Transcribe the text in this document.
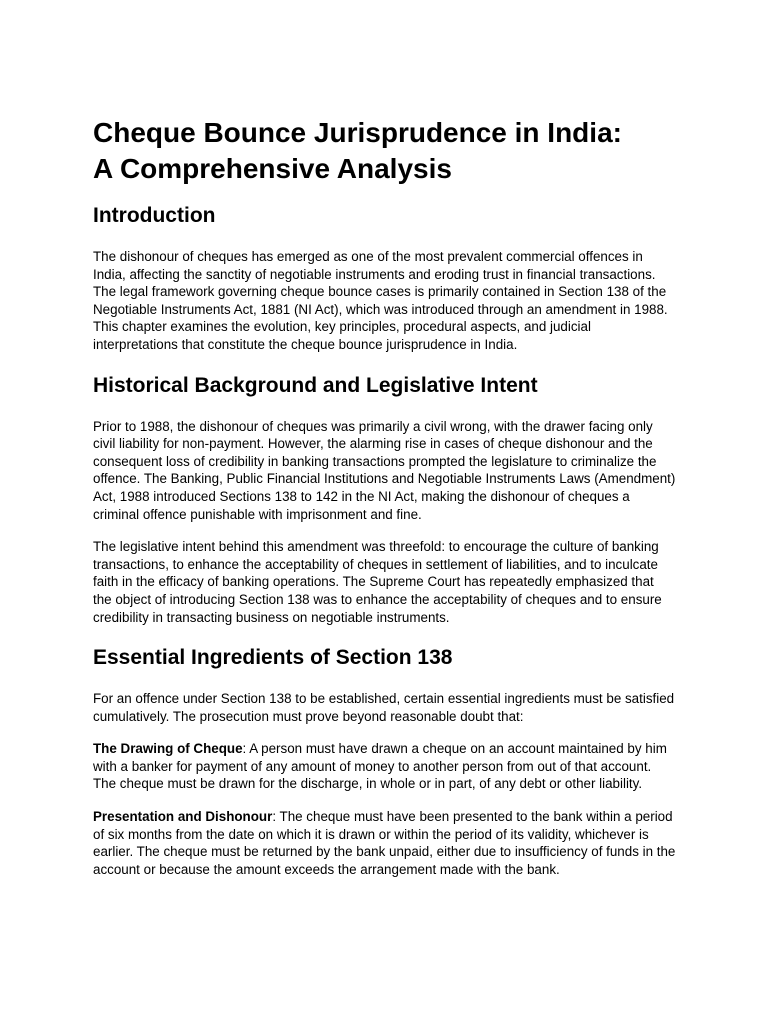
Cheque Bounce Jurisprudence in India:
A Comprehensive Analysis
Introduction

The dishonour of cheques has emerged as one of the most prevalent commercial offences in India, affecting the sanctity of negotiable instruments and eroding trust in financial transactions. The legal framework governing cheque bounce cases is primarily contained in Section 138 of the Negotiable Instruments Act, 1881 (NI Act), which was introduced through an amendment in 1988. This chapter examines the evolution, key principles, procedural aspects, and judicial interpretations that constitute the cheque bounce jurisprudence in India.

Historical Background and Legislative Intent

Prior to 1988, the dishonour of cheques was primarily a civil wrong, with the drawer facing only civil liability for non-payment. However, the alarming rise in cases of cheque dishonour and the consequent loss of credibility in banking transactions prompted the legislature to criminalize the offence. The Banking, Public Financial Institutions and Negotiable Instruments Laws (Amendment) Act, 1988 introduced Sections 138 to 142 in the NI Act, making the dishonour of cheques a criminal offence punishable with imprisonment and fine.

The legislative intent behind this amendment was threefold: to encourage the culture of banking transactions, to enhance the acceptability of cheques in settlement of liabilities, and to inculcate faith in the efficacy of banking operations. The Supreme Court has repeatedly emphasized that the object of introducing Section 138 was to enhance the acceptability of cheques and to ensure credibility in transacting business on negotiable instruments.

Essential Ingredients of Section 138

For an offence under Section 138 to be established, certain essential ingredients must be satisfied cumulatively. The prosecution must prove beyond reasonable doubt that:

The Drawing of Cheque: A person must have drawn a cheque on an account maintained by him with a banker for payment of any amount of money to another person from out of that account. The cheque must be drawn for the discharge, in whole or in part, of any debt or other liability.

Presentation and Dishonour: The cheque must have been presented to the bank within a period of six months from the date on which it is drawn or within the period of its validity, whichever is earlier. The cheque must be returned by the bank unpaid, either due to insufficiency of funds in the account or because the amount exceeds the arrangement made with the bank.
